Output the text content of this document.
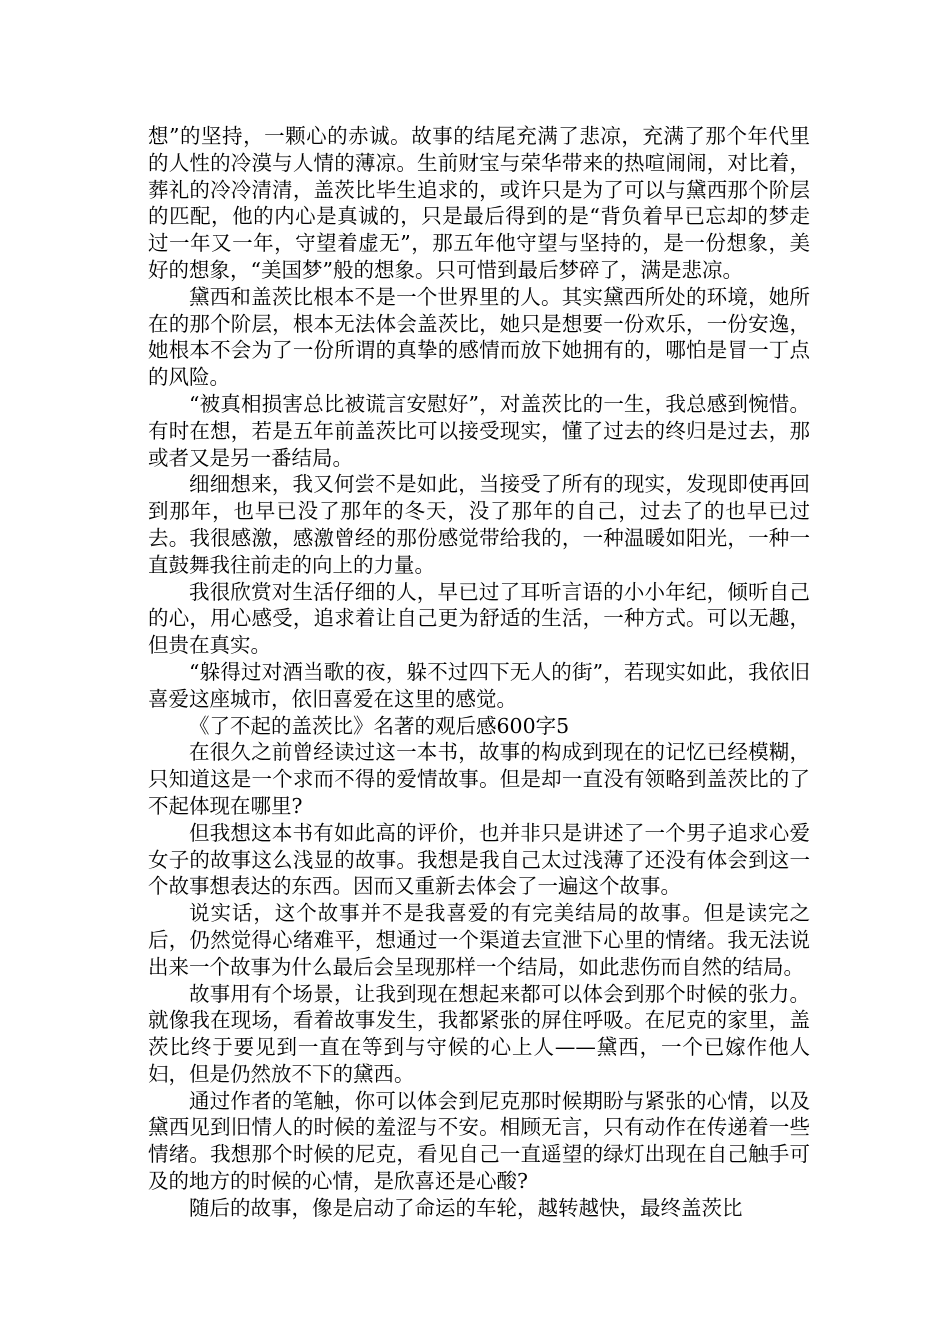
想”的坚持，一颗心的赤诚。故事的结尾充满了悲凉，充满了那个年代里的人性的冷漠与人情的薄凉。生前财宝与荣华带来的热喧闹闹，对比着，葬礼的冷冷清清，盖茨比毕生追求的，或许只是为了可以与黛西那个阶层的匹配，他的内心是真诚的，只是最后得到的是“背负着早已忘却的梦走过一年又一年，守望着虚无”，那五年他守望与坚持的，是一份想象，美好的想象，“美国梦”般的想象。只可惜到最后梦碎了，满是悲凉。

黛西和盖茨比根本不是一个世界里的人。其实黛西所处的环境，她所在的那个阶层，根本无法体会盖茨比，她只是想要一份欢乐，一份安逸，她根本不会为了一份所谓的真挚的感情而放下她拥有的，哪怕是冒一丁点的风险。

“被真相损害总比被谎言安慰好”，对盖茨比的一生，我总感到惋惜。有时在想，若是五年前盖茨比可以接受现实，懂了过去的终归是过去，那或者又是另一番结局。

细细想来，我又何尝不是如此，当接受了所有的现实，发现即使再回到那年，也早已没了那年的冬天，没了那年的自己，过去了的也早已过去。我很感激，感激曾经的那份感觉带给我的，一种温暖如阳光，一种一直鼓舞我往前走的向上的力量。

我很欣赏对生活仔细的人，早已过了耳听言语的小小年纪，倾听自己的心，用心感受，追求着让自己更为舒适的生活，一种方式。可以无趣，但贵在真实。

“躲得过对酒当歌的夜，躲不过四下无人的街”，若现实如此，我依旧喜爱这座城市，依旧喜爱在这里的感觉。

《了不起的盖茨比》名著的观后感600字5

在很久之前曾经读过这一本书，故事的构成到现在的记忆已经模糊，只知道这是一个求而不得的爱情故事。但是却一直没有领略到盖茨比的了不起体现在哪里?

但我想这本书有如此高的评价，也并非只是讲述了一个男子追求心爱女子的故事这么浅显的故事。我想是我自己太过浅薄了还没有体会到这一个故事想表达的东西。因而又重新去体会了一遍这个故事。

说实话，这个故事并不是我喜爱的有完美结局的故事。但是读完之后，仍然觉得心绪难平，想通过一个渠道去宣泄下心里的情绪。我无法说出来一个故事为什么最后会呈现那样一个结局，如此悲伤而自然的结局。

故事用有个场景，让我到现在想起来都可以体会到那个时候的张力。就像我在现场，看着故事发生，我都紧张的屏住呼吸。在尼克的家里，盖茨比终于要见到一直在等到与守候的心上人——黛西，一个已嫁作他人妇，但是仍然放不下的黛西。

通过作者的笔触，你可以体会到尼克那时候期盼与紧张的心情，以及黛西见到旧情人的时候的羞涩与不安。相顾无言，只有动作在传递着一些情绪。我想那个时候的尼克，看见自己一直遥望的绿灯出现在自己触手可及的地方的时候的心情，是欣喜还是心酸?

随后的故事，像是启动了命运的车轮，越转越快，最终盖茨比
